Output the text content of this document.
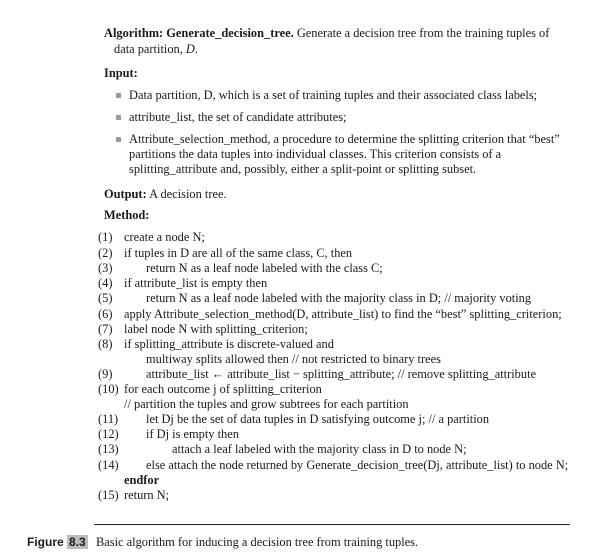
Algorithm: Generate_decision_tree. Generate a decision tree from the training tuples of
data partition, D.
Input:
Data partition, D, which is a set of training tuples and their associated class labels;
attribute_list, the set of candidate attributes;
Attribute_selection_method, a procedure to determine the splitting criterion that “best”
partitions the data tuples into individual classes. This criterion consists of a
splitting_attribute and, possibly, either a split-point or splitting subset.
Output: A decision tree.
Method:
(1)
(2)
(3)
(4)
(5)
(6)
(7)
(8)
(9)
(10)
(11)
(12)
(13)
(14)
(15)
create a node N;
if tuples in D are all of the same class, C, then
return N as a leaf node labeled with the class C;
if attribute_list is empty then
return N as a leaf node labeled with the majority class in D; // majority voting
apply Attribute_selection_method(D, attribute_list) to find the “best” splitting_criterion;
label node N with splitting_criterion;
if splitting_attribute is discrete-valued and
multiway splits allowed then // not restricted to binary trees
attribute_list ← attribute_list − splitting_attribute; // remove splitting_attribute
for each outcome j of splitting_criterion
// partition the tuples and grow subtrees for each partition
let Dj be the set of data tuples in D satisfying outcome j; // a partition
if Dj is empty then
attach a leaf labeled with the majority class in D to node N;
else attach the node returned by Generate_decision_tree(Dj, attribute_list) to node N;
endfor
return N;
Figure 8.3 Basic algorithm for inducing a decision tree from training tuples.
